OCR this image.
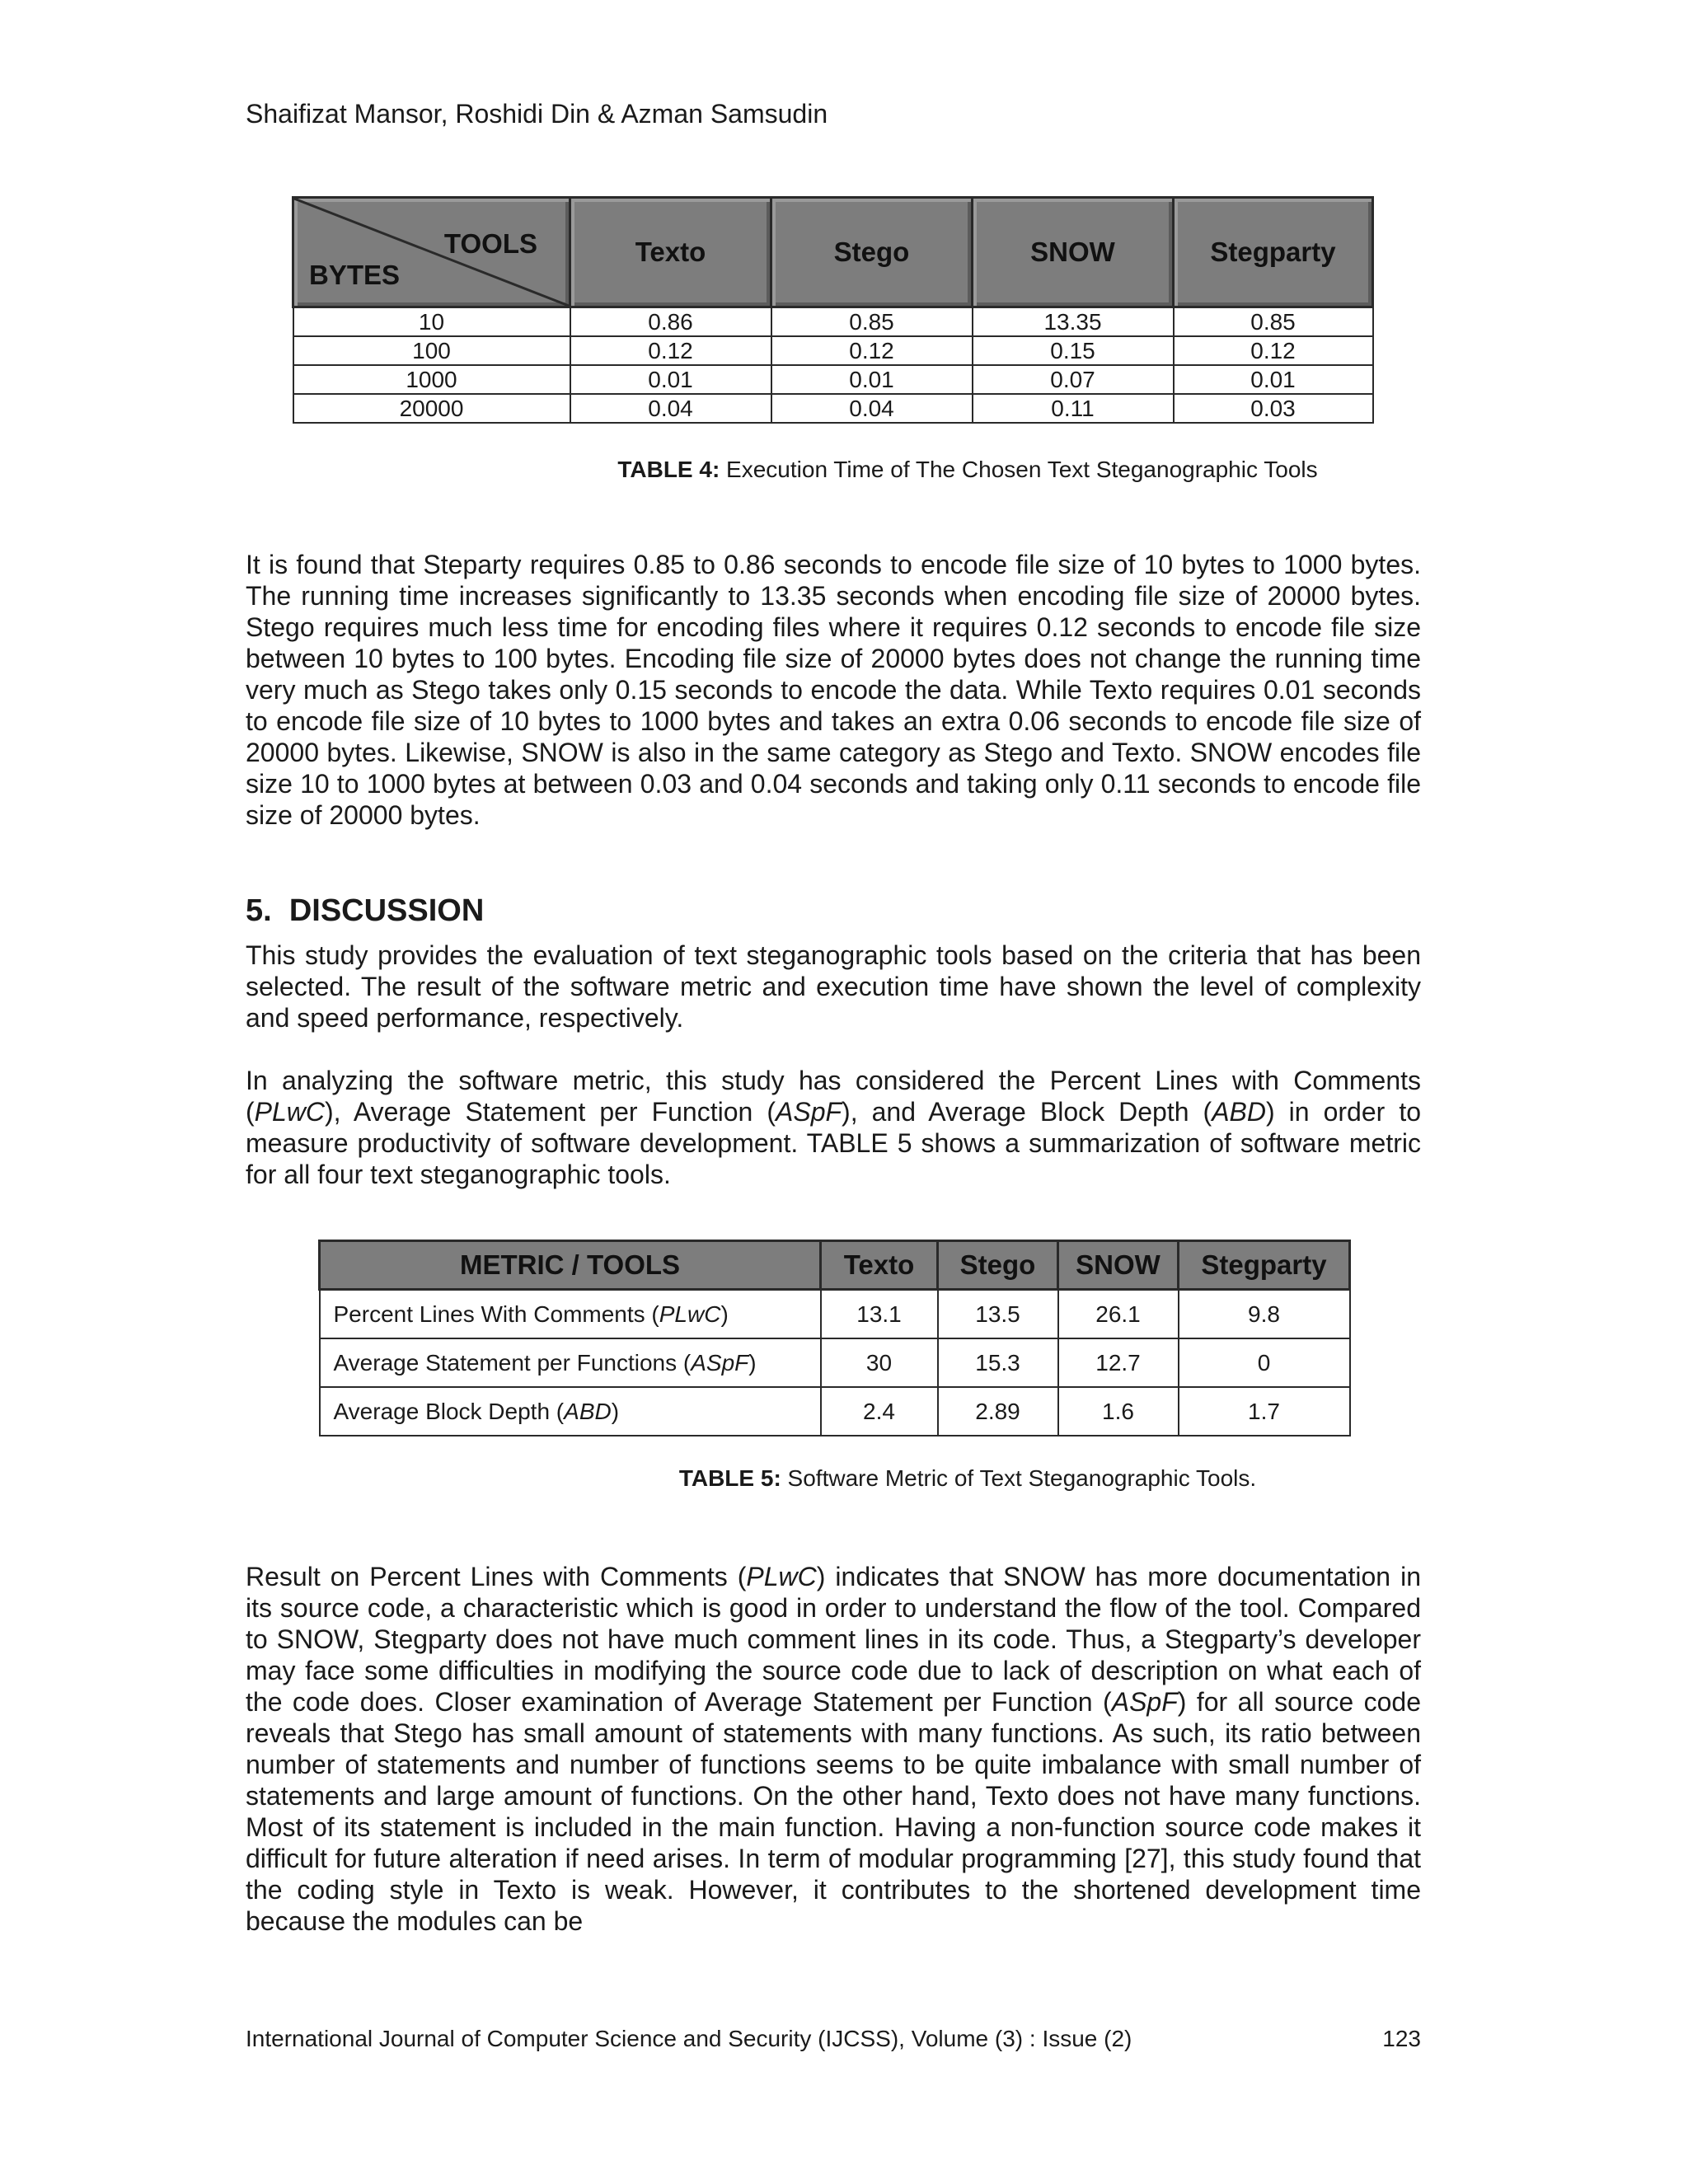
Shaifizat Mansor, Roshidi Din & Azman Samsudin
TOOLS
BYTES	Texto	Stego	SNOW	Stegparty
10	0.86	0.85	13.35	0.85
100	0.12	0.12	0.15	0.12
1000	0.01	0.01	0.07	0.01
20000	0.04	0.04	0.11	0.03
TABLE 4: Execution Time of The Chosen Text Steganographic Tools
It is found that Steparty requires 0.85 to 0.86 seconds to encode file size of 10 bytes to 1000 bytes. The running time increases significantly to 13.35 seconds when encoding file size of 20000 bytes. Stego requires much less time for encoding files where it requires 0.12 seconds to encode file size between 10 bytes to 100 bytes. Encoding file size of 20000 bytes does not change the running time very much as Stego takes only 0.15 seconds to encode the data. While Texto requires 0.01 seconds to encode file size of 10 bytes to 1000 bytes and takes an extra 0.06 seconds to encode file size of 20000 bytes. Likewise, SNOW is also in the same category as Stego and Texto. SNOW encodes file size 10 to 1000 bytes at between 0.03 and 0.04 seconds and taking only 0.11 seconds to encode file size of 20000 bytes.
5. DISCUSSION
This study provides the evaluation of text steganographic tools based on the criteria that has been selected. The result of the software metric and execution time have shown the level of complexity and speed performance, respectively.
In analyzing the software metric, this study has considered the Percent Lines with Comments (PLwC), Average Statement per Function (ASpF), and Average Block Depth (ABD) in order to measure productivity of software development. TABLE 5 shows a summarization of software metric for all four text steganographic tools.
METRIC / TOOLS	Texto	Stego	SNOW	Stegparty
Percent Lines With Comments (PLwC)	13.1	13.5	26.1	9.8
Average Statement per Functions (ASpF)	30	15.3	12.7	0
Average Block Depth (ABD)	2.4	2.89	1.6	1.7
TABLE 5: Software Metric of Text Steganographic Tools.
Result on Percent Lines with Comments (PLwC) indicates that SNOW has more documentation in its source code, a characteristic which is good in order to understand the flow of the tool. Compared to SNOW, Stegparty does not have much comment lines in its code. Thus, a Stegparty’s developer may face some difficulties in modifying the source code due to lack of description on what each of the code does. Closer examination of Average Statement per Function (ASpF) for all source code reveals that Stego has small amount of statements with many functions. As such, its ratio between number of statements and number of functions seems to be quite imbalance with small number of statements and large amount of functions. On the other hand, Texto does not have many functions. Most of its statement is included in the main function. Having a non-function source code makes it difficult for future alteration if need arises. In term of modular programming [27], this study found that the coding style in Texto is weak. However, it contributes to the shortened development time because the modules can be
International Journal of Computer Science and Security (IJCSS), Volume (3) : Issue (2)	123
